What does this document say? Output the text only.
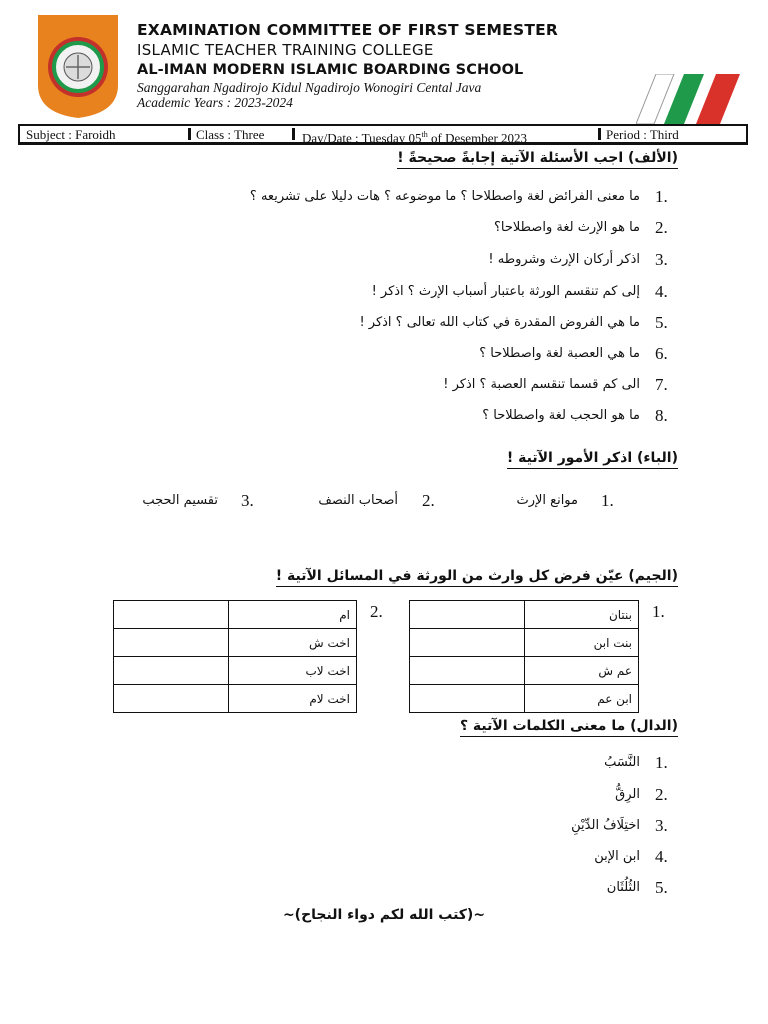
EXAMINATION COMMITTEE OF FIRST SEMESTER
ISLAMIC TEACHER TRAINING COLLEGE
AL-IMAN MODERN ISLAMIC BOARDING SCHOOL
Sanggarahan Ngadirojo Kidul Ngadirojo Wonogiri Cental Java
Academic Years : 2023-2024
Subject : Faroidh	Class : Three	Day/Date : Tuesday 05th of Desember 2023	Period : Third
(الألف) اجب الأسئلة الآتية إجابةً صحيحةً !
1.
ما معنى الفرائض لغة واصطلاحا ؟ ما موضوعه ؟ هات دليلا على تشريعه ؟
2.
ما هو الإرث لغة واصطلاحا؟
3.
اذكر أركان الإرث وشروطه !
4.
إلى كم تنقسم الورثة باعتبار أسباب الإرث ؟ اذكر !
5.
ما هي الفروض المقدرة في كتاب الله تعالى ؟ اذكر !
6.
ما هي العصبة لغة واصطلاحا ؟
7.
الى كم قسما تنقسم العصبة ؟ اذكر !
8.
ما هو الحجب لغة واصطلاحا ؟
(الباء) اذكر الأمور الآتية !
1.
موانع الإرث
2.
أصحاب النصف
3.
تقسيم الحجب
(الجيم) عيّن فرض كل وارث من الورثة في المسائل الآتية !
1.
	بنتان
	بنت ابن
	عم ش
	ابن عم
2.
	ام
	اخت ش
	اخت لاب
	اخت لام
(الدال) ما معنى الكلمات الآتية ؟
1.
النَّسَبُ
2.
الرِقُّ
3.
اختِلَافُ الدِّيْنِ
4.
ابن الإبن
5.
الثُلُثَان
~(كتب الله لكم دواء النجاح)~
